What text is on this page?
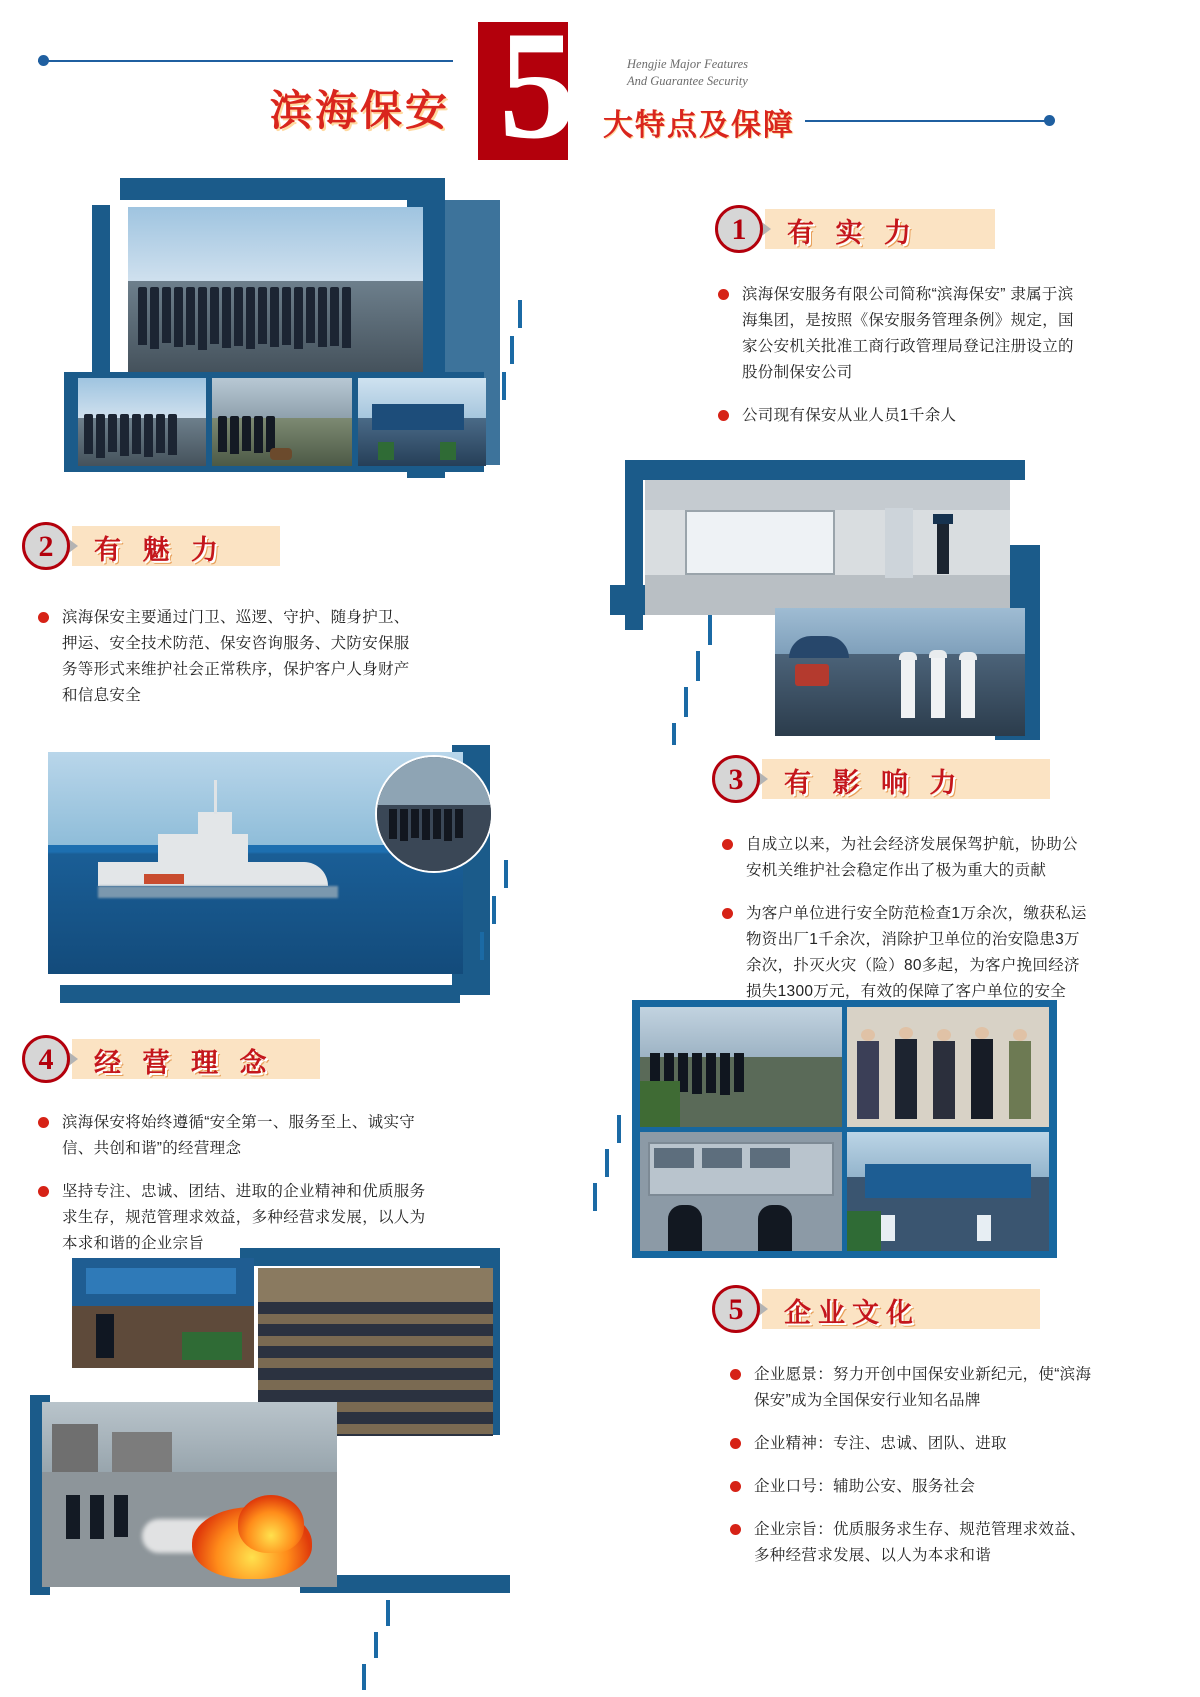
5
滨海保安	大特点及保障
Hengjie Major Features
And Guarantee Security
1	有 实 力
滨海保安服务有限公司简称“滨海保安” 隶属于滨海集团，是按照《保安服务管理条例》规定，国家公安机关批准工商行政管理局登记注册设立的股份制保安公司
公司现有保安从业人员1千余人
2	有 魅 力
滨海保安主要通过门卫、巡逻、守护、随身护卫、押运、安全技术防范、保安咨询服务、犬防安保服务等形式来维护社会正常秩序，保护客户人身财产和信息安全
3	有 影 响 力
自成立以来，为社会经济发展保驾护航，协助公安机关维护社会稳定作出了极为重大的贡献
为客户单位进行安全防范检查1万余次，缴获私运物资出厂1千余次，消除护卫单位的治安隐患3万余次，扑灭火灾（险）80多起，为客户挽回经济损失1300万元，有效的保障了客户单位的安全
4	经 营 理 念
滨海保安将始终遵循“安全第一、服务至上、诚实守信、共创和谐”的经营理念
坚持专注、忠诚、团结、进取的企业精神和优质服务求生存，规范管理求效益，多种经营求发展，以人为本求和谐的企业宗旨
5	企业文化
企业愿景：努力开创中国保安业新纪元，使“滨海保安”成为全国保安行业知名品牌
企业精神：专注、忠诚、团队、进取
企业口号：辅助公安、服务社会
企业宗旨：优质服务求生存、规范管理求效益、多种经营求发展、以人为本求和谐
